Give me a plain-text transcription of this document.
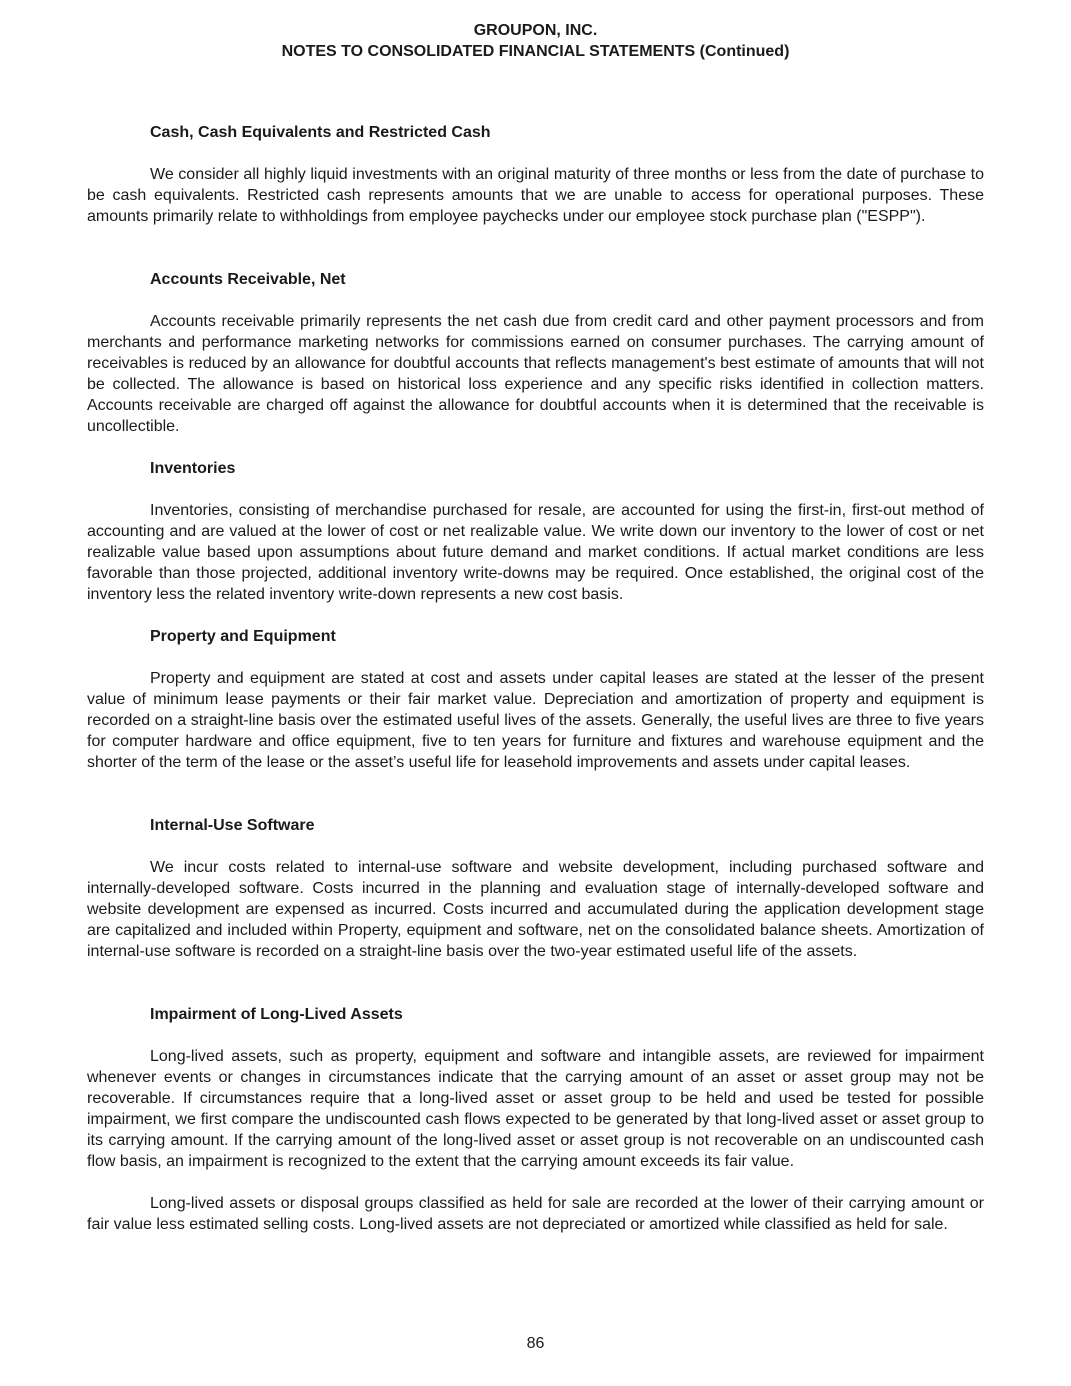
GROUPON, INC.
NOTES TO CONSOLIDATED FINANCIAL STATEMENTS (Continued)
Cash, Cash Equivalents and Restricted Cash

We consider all highly liquid investments with an original maturity of three months or less from the date of purchase to be cash equivalents. Restricted cash represents amounts that we are unable to access for operational purposes. These amounts primarily relate to withholdings from employee paychecks under our employee stock purchase plan ("ESPP").

Accounts Receivable, Net

Accounts receivable primarily represents the net cash due from credit card and other payment processors and from merchants and performance marketing networks for commissions earned on consumer purchases. The carrying amount of receivables is reduced by an allowance for doubtful accounts that reflects management's best estimate of amounts that will not be collected. The allowance is based on historical loss experience and any specific risks identified in collection matters. Accounts receivable are charged off against the allowance for doubtful accounts when it is determined that the receivable is uncollectible.

Inventories

Inventories, consisting of merchandise purchased for resale, are accounted for using the first-in, first-out method of accounting and are valued at the lower of cost or net realizable value. We write down our inventory to the lower of cost or net realizable value based upon assumptions about future demand and market conditions. If actual market conditions are less favorable than those projected, additional inventory write-downs may be required. Once established, the original cost of the inventory less the related inventory write-down represents a new cost basis.

Property and Equipment

Property and equipment are stated at cost and assets under capital leases are stated at the lesser of the present value of minimum lease payments or their fair market value. Depreciation and amortization of property and equipment is recorded on a straight-line basis over the estimated useful lives of the assets. Generally, the useful lives are three to five years for computer hardware and office equipment, five to ten years for furniture and fixtures and warehouse equipment and the shorter of the term of the lease or the asset’s useful life for leasehold improvements and assets under capital leases.

Internal-Use Software

We incur costs related to internal-use software and website development, including purchased software and internally-developed software. Costs incurred in the planning and evaluation stage of internally-developed software and website development are expensed as incurred. Costs incurred and accumulated during the application development stage are capitalized and included within Property, equipment and software, net on the consolidated balance sheets. Amortization of internal-use software is recorded on a straight-line basis over the two-year estimated useful life of the assets.

Impairment of Long-Lived Assets

Long-lived assets, such as property, equipment and software and intangible assets, are reviewed for impairment whenever events or changes in circumstances indicate that the carrying amount of an asset or asset group may not be recoverable. If circumstances require that a long-lived asset or asset group to be held and used be tested for possible impairment, we first compare the undiscounted cash flows expected to be generated by that long-lived asset or asset group to its carrying amount. If the carrying amount of the long-lived asset or asset group is not recoverable on an undiscounted cash flow basis, an impairment is recognized to the extent that the carrying amount exceeds its fair value.

Long-lived assets or disposal groups classified as held for sale are recorded at the lower of their carrying amount or fair value less estimated selling costs. Long-lived assets are not depreciated or amortized while classified as held for sale.

86
